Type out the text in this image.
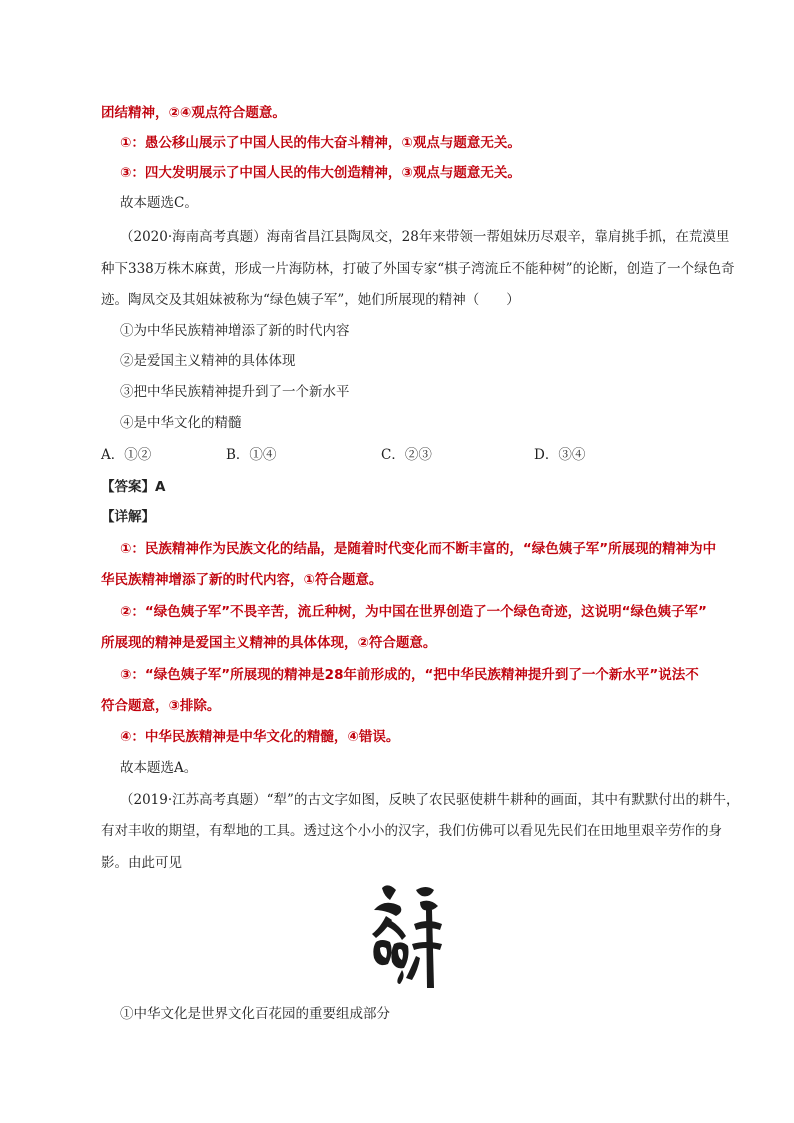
团结精神，②④观点符合题意。
①：愚公移山展示了中国人民的伟大奋斗精神，①观点与题意无关。
③：四大发明展示了中国人民的伟大创造精神，③观点与题意无关。
故本题选C。
（2020·海南高考真题）海南省昌江县陶凤交，28年来带领一帮姐妹历尽艰辛，靠肩挑手抓，在荒漠里
种下338万株木麻黄，形成一片海防林，打破了外国专家“棋子湾流丘不能种树”的论断，创造了一个绿色奇
迹。陶凤交及其姐妹被称为“绿色姨子军”，她们所展现的精神（　　）
①为中华民族精神增添了新的时代内容
②是爱国主义精神的具体体现
③把中华民族精神提升到了一个新水平
④是中华文化的精髓
A．①②	B．①④	C．②③	D．③④
【答案】A
【详解】
①：民族精神作为民族文化的结晶，是随着时代变化而不断丰富的，“绿色姨子军”所展现的精神为中
华民族精神增添了新的时代内容，①符合题意。
②：“绿色姨子军”不畏辛苦，流丘种树，为中国在世界创造了一个绿色奇迹，这说明“绿色姨子军”
所展现的精神是爱国主义精神的具体体现，②符合题意。
③：“绿色姨子军”所展现的精神是28年前形成的，“把中华民族精神提升到了一个新水平”说法不
符合题意，③排除。
④：中华民族精神是中华文化的精髓，④错误。
故本题选A。
（2019·江苏高考真题）“犁”的古文字如图，反映了农民驱使耕牛耕种的画面，其中有默默付出的耕牛，
有对丰收的期望，有犁地的工具。透过这个小小的汉字，我们仿佛可以看见先民们在田地里艰辛劳作的身
影。由此可见
①中华文化是世界文化百花园的重要组成部分
